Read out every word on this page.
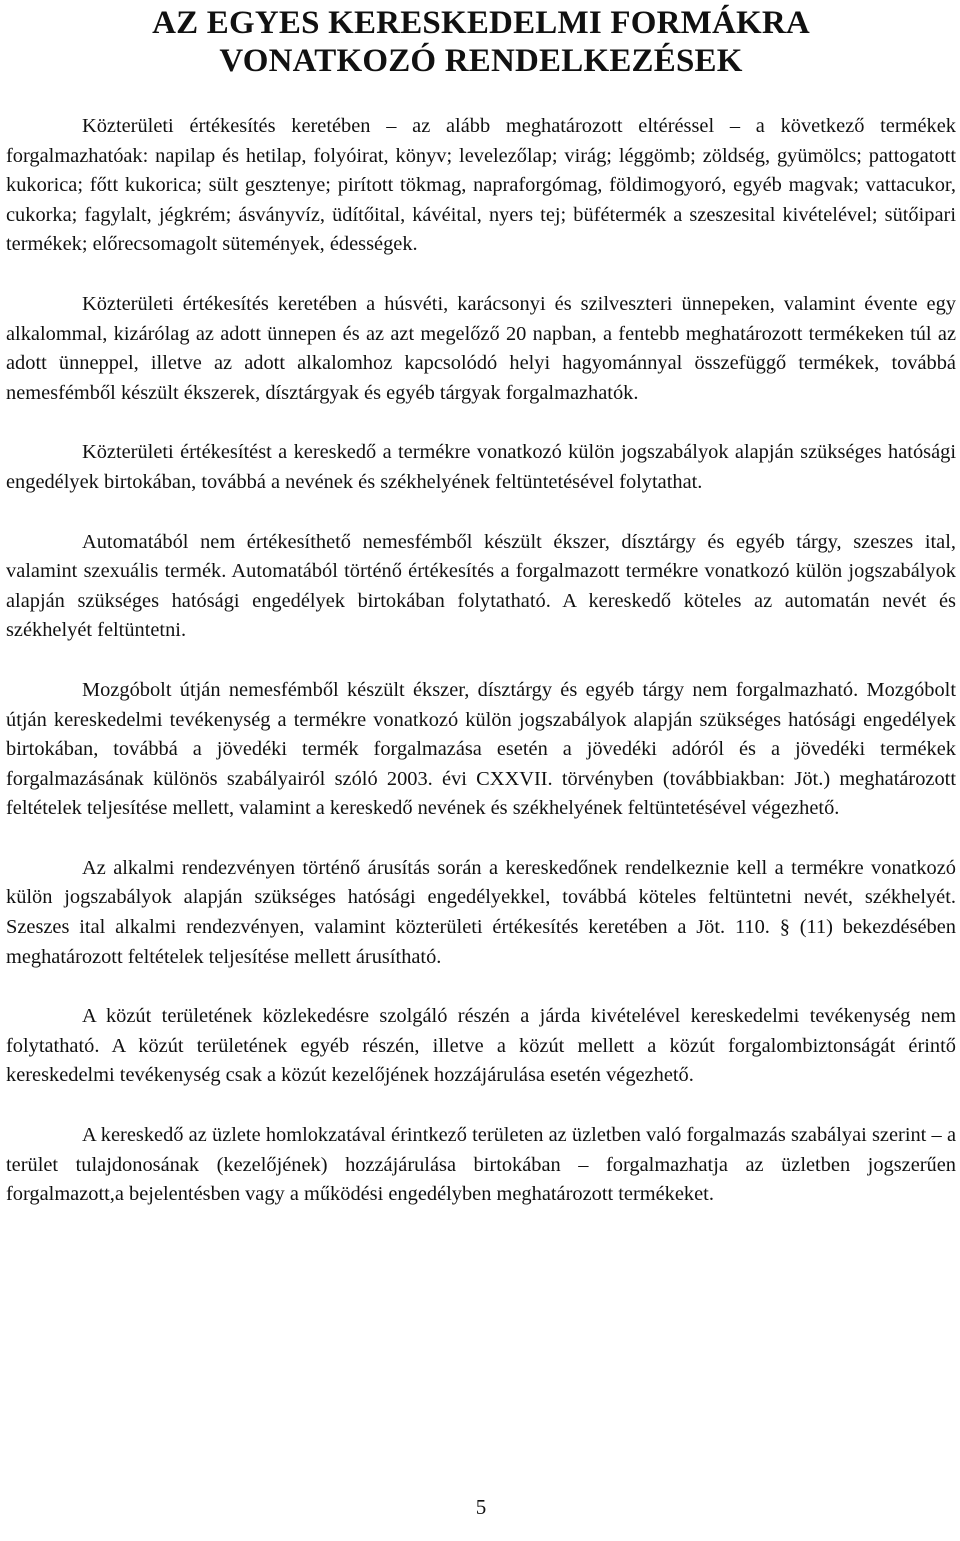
AZ EGYES KERESKEDELMI FORMÁKRA
VONATKOZÓ RENDELKEZÉSEK

Közterületi értékesítés keretében – az alább meghatározott eltéréssel – a következő termékek forgalmazhatóak: napilap és hetilap, folyóirat, könyv; levelezőlap; virág; léggömb; zöldség, gyümölcs; pattogatott kukorica; főtt kukorica; sült gesztenye; pirított tökmag, napraforgómag, földimogyoró, egyéb magvak; vattacukor, cukorka; fagylalt, jégkrém; ásványvíz, üdítőital, kávéital, nyers tej; büfétermék a szeszesital kivételével; sütőipari termékek; előrecsomagolt sütemények, édességek.

Közterületi értékesítés keretében a húsvéti, karácsonyi és szilveszteri ünnepeken, valamint évente egy alkalommal, kizárólag az adott ünnepen és az azt megelőző 20 napban, a fentebb meghatározott termékeken túl az adott ünneppel, illetve az adott alkalomhoz kapcsolódó helyi hagyománnyal összefüggő termékek, továbbá nemesfémből készült ékszerek, dísztárgyak és egyéb tárgyak forgalmazhatók.

Közterületi értékesítést a kereskedő a termékre vonatkozó külön jogszabályok alapján szükséges hatósági engedélyek birtokában, továbbá a nevének és székhelyének feltüntetésével folytathat.

Automatából nem értékesíthető nemesfémből készült ékszer, dísztárgy és egyéb tárgy, szeszes ital, valamint szexuális termék. Automatából történő értékesítés a forgalmazott termékre vonatkozó külön jogszabályok alapján szükséges hatósági engedélyek birtokában folytatható. A kereskedő köteles az automatán nevét és székhelyét feltüntetni.

Mozgóbolt útján nemesfémből készült ékszer, dísztárgy és egyéb tárgy nem forgalmazható. Mozgóbolt útján kereskedelmi tevékenység a termékre vonatkozó külön jogszabályok alapján szükséges hatósági engedélyek birtokában, továbbá a jövedéki termék forgalmazása esetén a jövedéki adóról és a jövedéki termékek forgalmazásának különös szabályairól szóló 2003. évi CXXVII. törvényben (továbbiakban: Jöt.) meghatározott feltételek teljesítése mellett, valamint a kereskedő nevének és székhelyének feltüntetésével végezhető.

Az alkalmi rendezvényen történő árusítás során a kereskedőnek rendelkeznie kell a termékre vonatkozó külön jogszabályok alapján szükséges hatósági engedélyekkel, továbbá köteles feltüntetni nevét, székhelyét. Szeszes ital alkalmi rendezvényen, valamint közterületi értékesítés keretében a Jöt. 110. § (11) bekezdésében meghatározott feltételek teljesítése mellett árusítható.

A közút területének közlekedésre szolgáló részén a járda kivételével kereskedelmi tevékenység nem folytatható. A közút területének egyéb részén, illetve a közút mellett a közút forgalombiztonságát érintő kereskedelmi tevékenység csak a közút kezelőjének hozzájárulása esetén végezhető.

A kereskedő az üzlete homlokzatával érintkező területen az üzletben való forgalmazás szabályai szerint – a terület tulajdonosának (kezelőjének) hozzájárulása birtokában – forgalmazhatja az üzletben jogszerűen forgalmazott,a bejelentésben vagy a működési engedélyben meghatározott termékeket.

5
